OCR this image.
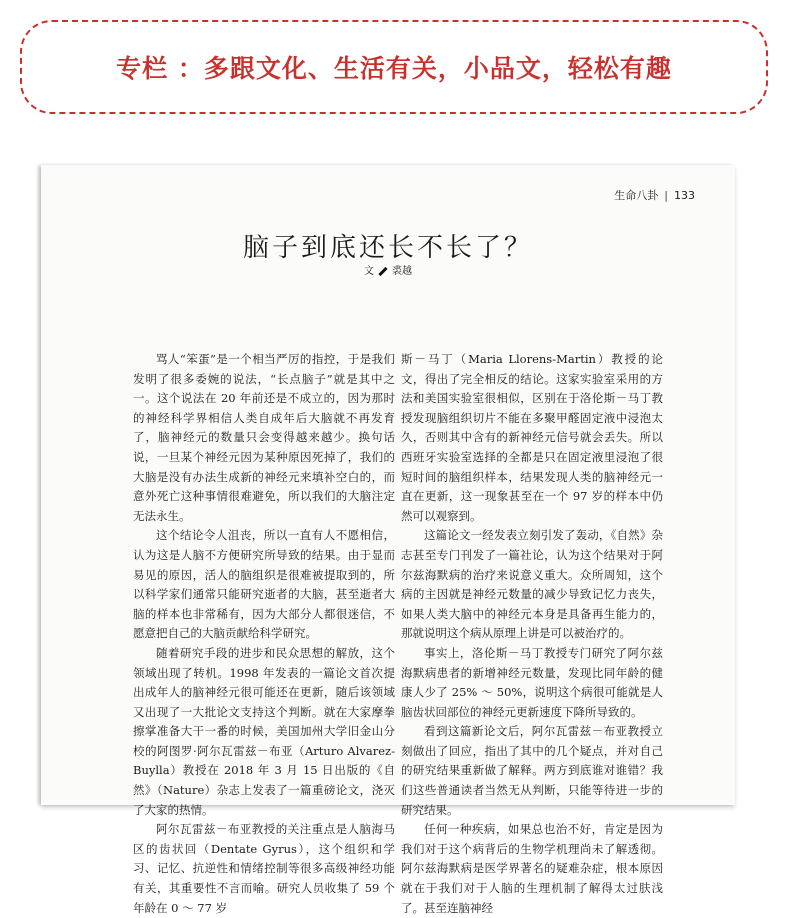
专栏 ：多跟文化、生活有关，小品文，轻松有趣
生命八卦 | 133
脑子到底还长不长了？
文 裘越

骂人“笨蛋”是一个相当严厉的指控，于是我们发明了很多委婉的说法，“长点脑子”就是其中之一。这个说法在 20 年前还是不成立的，因为那时的神经科学界相信人类自成年后大脑就不再发育了，脑神经元的数量只会变得越来越少。换句话说，一旦某个神经元因为某种原因死掉了，我们的大脑是没有办法生成新的神经元来填补空白的，而意外死亡这种事情很难避免，所以我们的大脑注定无法永生。

这个结论令人沮丧，所以一直有人不愿相信，认为这是人脑不方便研究所导致的结果。由于显而易见的原因，活人的脑组织是很难被提取到的，所以科学家们通常只能研究逝者的大脑，甚至逝者大脑的样本也非常稀有，因为大部分人都很迷信，不愿意把自己的大脑贡献给科学研究。

随着研究手段的进步和民众思想的解放，这个领域出现了转机。1998 年发表的一篇论文首次提出成年人的脑神经元很可能还在更新，随后该领域又出现了一大批论文支持这个判断。就在大家摩拳擦掌准备大干一番的时候，美国加州大学旧金山分校的阿图罗·阿尔瓦雷兹－布亚（Arturo Alvarez-Buylla）教授在 2018 年 3 月 15 日出版的《自然》（Nature）杂志上发表了一篇重磅论文，浇灭了大家的热情。

阿尔瓦雷兹－布亚教授的关注重点是人脑海马区的齿状回（Dentate Gyrus），这个组织和学习、记忆、抗逆性和情绪控制等很多高级神经功能有关，其重要性不言而喻。研究人员收集了 59 个年龄在 0 ～ 77 岁

斯－马丁（Maria Llorens-Martin）教授的论文，得出了完全相反的结论。这家实验室采用的方法和美国实验室很相似，区别在于洛伦斯－马丁教授发现脑组织切片不能在多聚甲醛固定液中浸泡太久，否则其中含有的新神经元信号就会丢失。所以西班牙实验室选择的全都是只在固定液里浸泡了很短时间的脑组织样本，结果发现人类的脑神经元一直在更新，这一现象甚至在一个 97 岁的样本中仍然可以观察到。

这篇论文一经发表立刻引发了轰动，《自然》杂志甚至专门刊发了一篇社论，认为这个结果对于阿尔兹海默病的治疗来说意义重大。众所周知，这个病的主因就是神经元数量的减少导致记忆力丧失，如果人类大脑中的神经元本身是具备再生能力的，那就说明这个病从原理上讲是可以被治疗的。

事实上，洛伦斯－马丁教授专门研究了阿尔兹海默病患者的新增神经元数量，发现比同年龄的健康人少了 25% ～ 50%，说明这个病很可能就是人脑齿状回部位的神经元更新速度下降所导致的。

看到这篇新论文后，阿尔瓦雷兹－布亚教授立刻做出了回应，指出了其中的几个疑点，并对自己的研究结果重新做了解释。两方到底谁对谁错？我们这些普通读者当然无从判断，只能等待进一步的研究结果。

任何一种疾病，如果总也治不好，肯定是因为我们对于这个病背后的生物学机理尚未了解透彻。阿尔兹海默病是医学界著名的疑难杂症，根本原因就在于我们对于人脑的生理机制了解得太过肤浅了。甚至连脑神经
